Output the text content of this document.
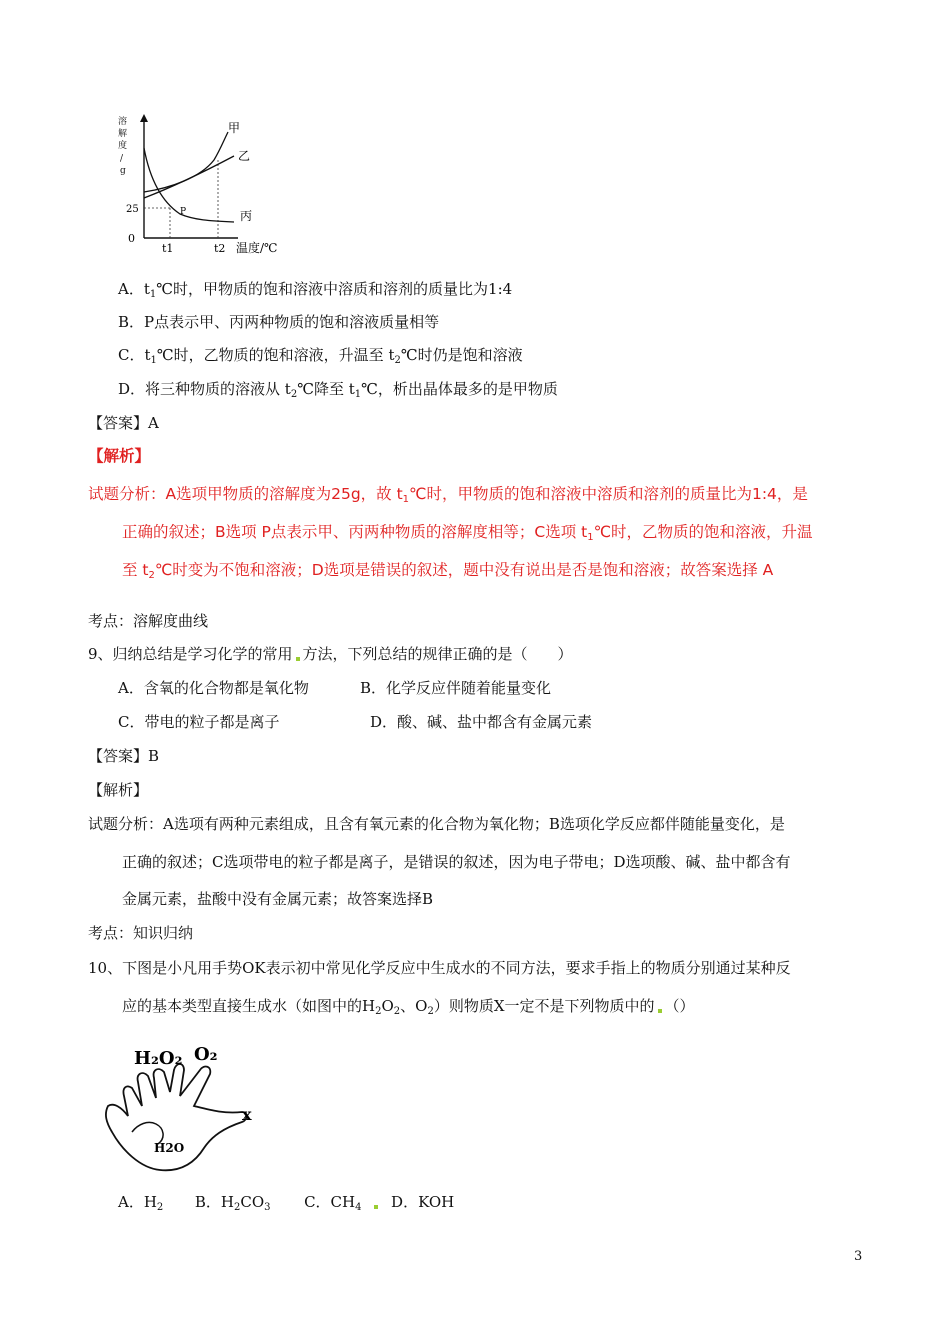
溶
解
度
/
g
0
25
甲
乙
丙
P
t1	t2 温度/℃
A．$t_1℃$时，甲物质的饱和溶液中溶质和溶剂的质量比为1:4
B．P点表示甲、丙两种物质的饱和溶液质量相等
C．$t_1℃$时，乙物质的饱和溶液，升温至 $t_2℃$时仍是饱和溶液
D．将三种物质的溶液从 $t_2℃$降至 $t_1℃$，析出晶体最多的是甲物质
【答案】A
【解析】
试题分析：A选项甲物质的溶解度为25g，故 $t_1℃$时，甲物质的饱和溶液中溶质和溶剂的质量比为1:4，是
正确的叙述；B选项 P点表示甲、丙两种物质的溶解度相等；C选项 $t_1℃$时，乙物质的饱和溶液，升温
至 $t_2℃$时变为不饱和溶液；D选项是错误的叙述，题中没有说出是否是饱和溶液；故答案选择 A
考点：溶解度曲线
9、归纳总结是学习化学的常用 方法，下列总结的规律正确的是（　　）
A．含氧的化合物都是氧化物	B．化学反应伴随着能量变化
C．带电的粒子都是离子	D．酸、碱、盐中都含有金属元素
【答案】B
【解析】
试题分析：A选项有两种元素组成，且含有氧元素的化合物为氧化物；B选项化学反应都伴随能量变化，是
正确的叙述；C选项带电的粒子都是离子，是错误的叙述，因为电子带电；D选项酸、碱、盐中都含有
金属元素，盐酸中没有金属元素；故答案选择B
考点：知识归纳
10、下图是小凡用手势OK表示初中常见化学反应中生成水的不同方法，要求手指上的物质分别通过某种反
应的基本类型直接生成水（如图中的$H_2O_2$、$O_2$）则物质X一定不是下列物质中的 （）
H₂O₂ O₂
x
H2O
A．$H_2$ B．$H_2CO_3$ C．$CH_4$ D．KOH
3
